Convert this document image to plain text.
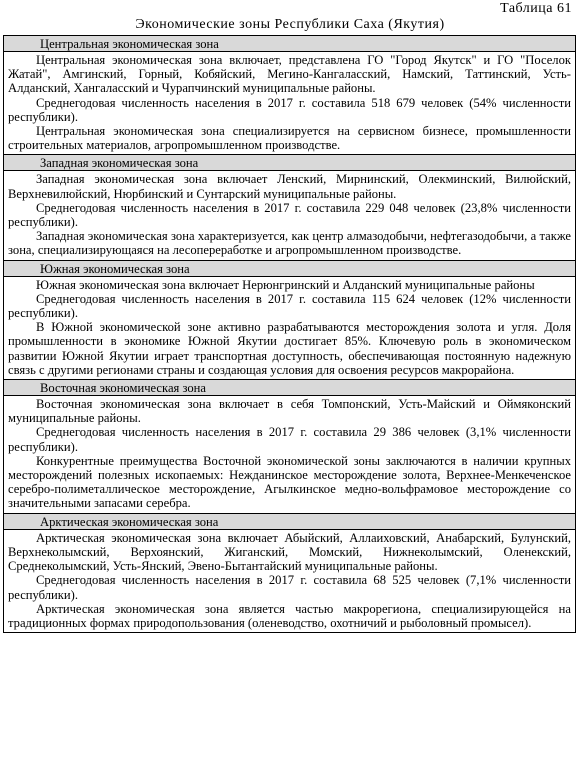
Таблица 61
Экономические зоны Республики Саха (Якутия)
Центральная экономическая зона

Центральная экономическая зона включает, представлена ГО "Город Якутск" и ГО "Поселок Жатай", Амгинский, Горный, Кобяйский, Мегино-Кангаласский, Намский, Таттинский, Усть-Алданский, Хангаласский и Чурапчинский муниципальные районы.

Среднегодовая численность населения в 2017 г. составила 518 679 человек (54% численности республики).

Центральная экономическая зона специализируется на сервисном бизнесе, промышленности строительных материалов, агропромышленном производстве.

Западная экономическая зона

Западная экономическая зона включает Ленский, Мирнинский, Олекминский, Вилюйский, Верхневилюйский, Нюрбинский и Сунтарский муниципальные районы.

Среднегодовая численность населения в 2017 г. составила 229 048 человек (23,8% численности республики).

Западная экономическая зона характеризуется, как центр алмазодобычи, нефтегазодобычи, а также зона, специализирующаяся на лесопереработке и агропромышленном производстве.

Южная экономическая зона

Южная экономическая зона включает Нерюнгринский и Алданский муниципальные районы

Среднегодовая численность населения в 2017 г. составила 115 624 человек (12% численности республики).

В Южной экономической зоне активно разрабатываются месторождения золота и угля. Доля промышленности в экономике Южной Якутии достигает 85%. Ключевую роль в экономическом развитии Южной Якутии играет транспортная доступность, обеспечивающая постоянную надежную связь с другими регионами страны и создающая условия для освоения ресурсов макрорайона.

Восточная экономическая зона

Восточная экономическая зона включает в себя Томпонский, Усть-Майский и Оймяконский муниципальные районы.

Среднегодовая численность населения в 2017 г. составила 29 386 человек (3,1% численности республики).

Конкурентные преимущества Восточной экономической зоны заключаются в наличии крупных месторождений полезных ископаемых: Нежданинское месторождение золота, Верхнее-Менкеченское серебро-полиметаллическое месторождение, Агылкинское медно-вольфрамовое месторождение со значительными запасами серебра.

Арктическая экономическая зона

Арктическая экономическая зона включает Абыйский, Аллаиховский, Анабарский, Булунский, Верхнеколымский, Верхоянский, Жиганский, Момский, Нижнеколымский, Оленекский, Среднеколымский, Усть-Янский, Эвено-Бытантайский муниципальные районы.

Среднегодовая численность населения в 2017 г. составила 68 525 человек (7,1% численности республики).

Арктическая экономическая зона является частью макрорегиона, специализирующейся на традиционных формах природопользования (оленеводство, охотничий и рыболовный промысел).
